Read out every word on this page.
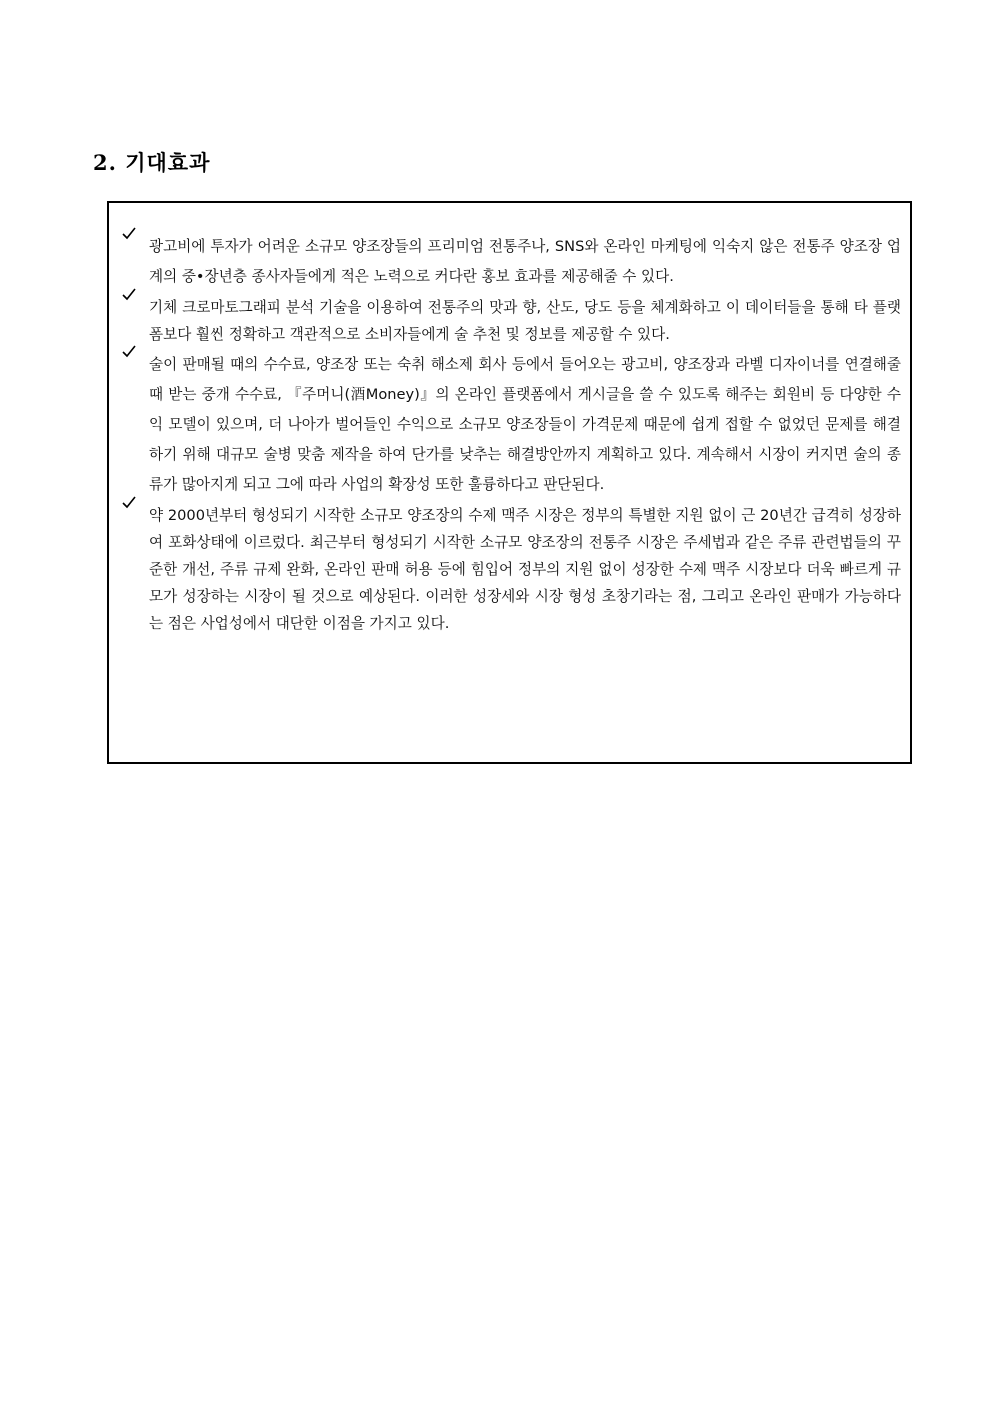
2. 기대효과
광고비에 투자가 어려운 소규모 양조장들의 프리미엄 전통주나, SNS와 온라인 마케팅에 익숙지 않은 전통주 양조장 업계의 중•장년층 종사자들에게 적은 노력으로 커다란 홍보 효과를 제공해줄 수 있다.
기체 크로마토그래피 분석 기술을 이용하여 전통주의 맛과 향, 산도, 당도 등을 체계화하고 이 데이터들을 통해 타 플랫폼보다 훨씬 정확하고 객관적으로 소비자들에게 술 추천 및 정보를 제공할 수 있다.
술이 판매될 때의 수수료, 양조장 또는 숙취 해소제 회사 등에서 들어오는 광고비, 양조장과 라벨 디자이너를 연결해줄 때 받는 중개 수수료, 『주머니(酒Money)』의 온라인 플랫폼에서 게시글을 쓸 수 있도록 해주는 회원비 등 다양한 수익 모델이 있으며, 더 나아가 벌어들인 수익으로 소규모 양조장들이 가격문제 때문에 쉽게 접할 수 없었던 문제를 해결하기 위해 대규모 술병 맞춤 제작을 하여 단가를 낮추는 해결방안까지 계획하고 있다. 계속해서 시장이 커지면 술의 종류가 많아지게 되고 그에 따라 사업의 확장성 또한 훌륭하다고 판단된다.
약 2000년부터 형성되기 시작한 소규모 양조장의 수제 맥주 시장은 정부의 특별한 지원 없이 근 20년간 급격히 성장하여 포화상태에 이르렀다. 최근부터 형성되기 시작한 소규모 양조장의 전통주 시장은 주세법과 같은 주류 관련법들의 꾸준한 개선, 주류 규제 완화, 온라인 판매 허용 등에 힘입어 정부의 지원 없이 성장한 수제 맥주 시장보다 더욱 빠르게 규모가 성장하는 시장이 될 것으로 예상된다. 이러한 성장세와 시장 형성 초창기라는 점, 그리고 온라인 판매가 가능하다는 점은 사업성에서 대단한 이점을 가지고 있다.
